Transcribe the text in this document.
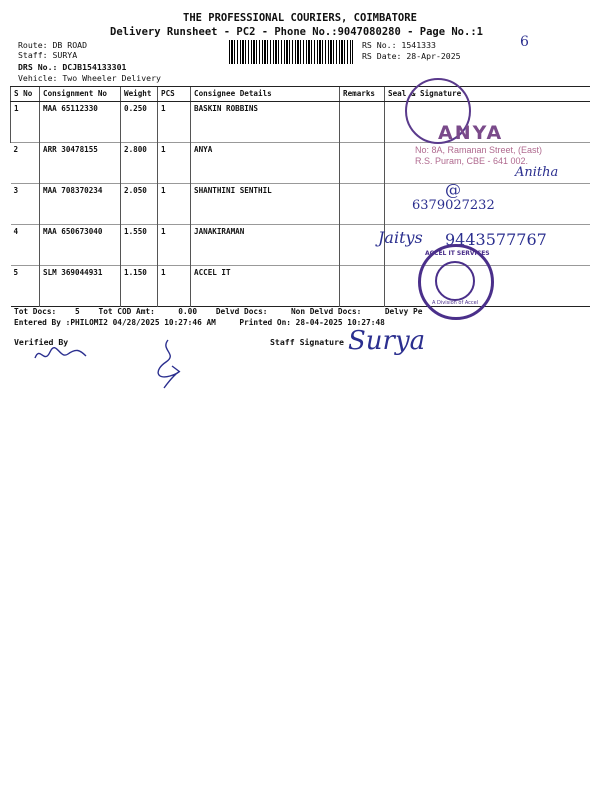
THE PROFESSIONAL COURIERS, COIMBATORE
Delivery Runsheet - PC2 - Phone No.:9047080280 - Page No.:1
Route: DB ROAD
Staff: SURYA
DRS No.: DCJB154133301
Vehicle: Two Wheeler Delivery
RS No.: 1541333
RS Date: 28-Apr-2025
6
S No	Consignment No	Weight	PCS	Consignee Details	Remarks	Seal & Signature
1	MAA 65112330	0.250	1	BASKIN ROBBINS		
2	ARR 30478155	2.800	1	ANYA		
3	MAA 708370234	2.050	1	SHANTHINI SENTHIL		
4	MAA 650673040	1.550	1	JANAKIRAMAN		
5	SLM 369044931	1.150	1	ACCEL IT		
ANYA
No: 8A, Ramanan Street, (East)
R.S. Puram, CBE - 641 002.
Anitha
@
6379027232
Jaitys 9443577767
ACCEL IT SERVICES
A Division of Accel
Tot Docs:    5    Tot COD Amt:     0.00    Delvd Docs:     Non Delvd Docs:     Delvy Pe
Entered By :PHILOMI2 04/28/2025 10:27:46 AM     Printed On: 28-04-2025 10:27:48
Verified By	Staff Signature Surya
